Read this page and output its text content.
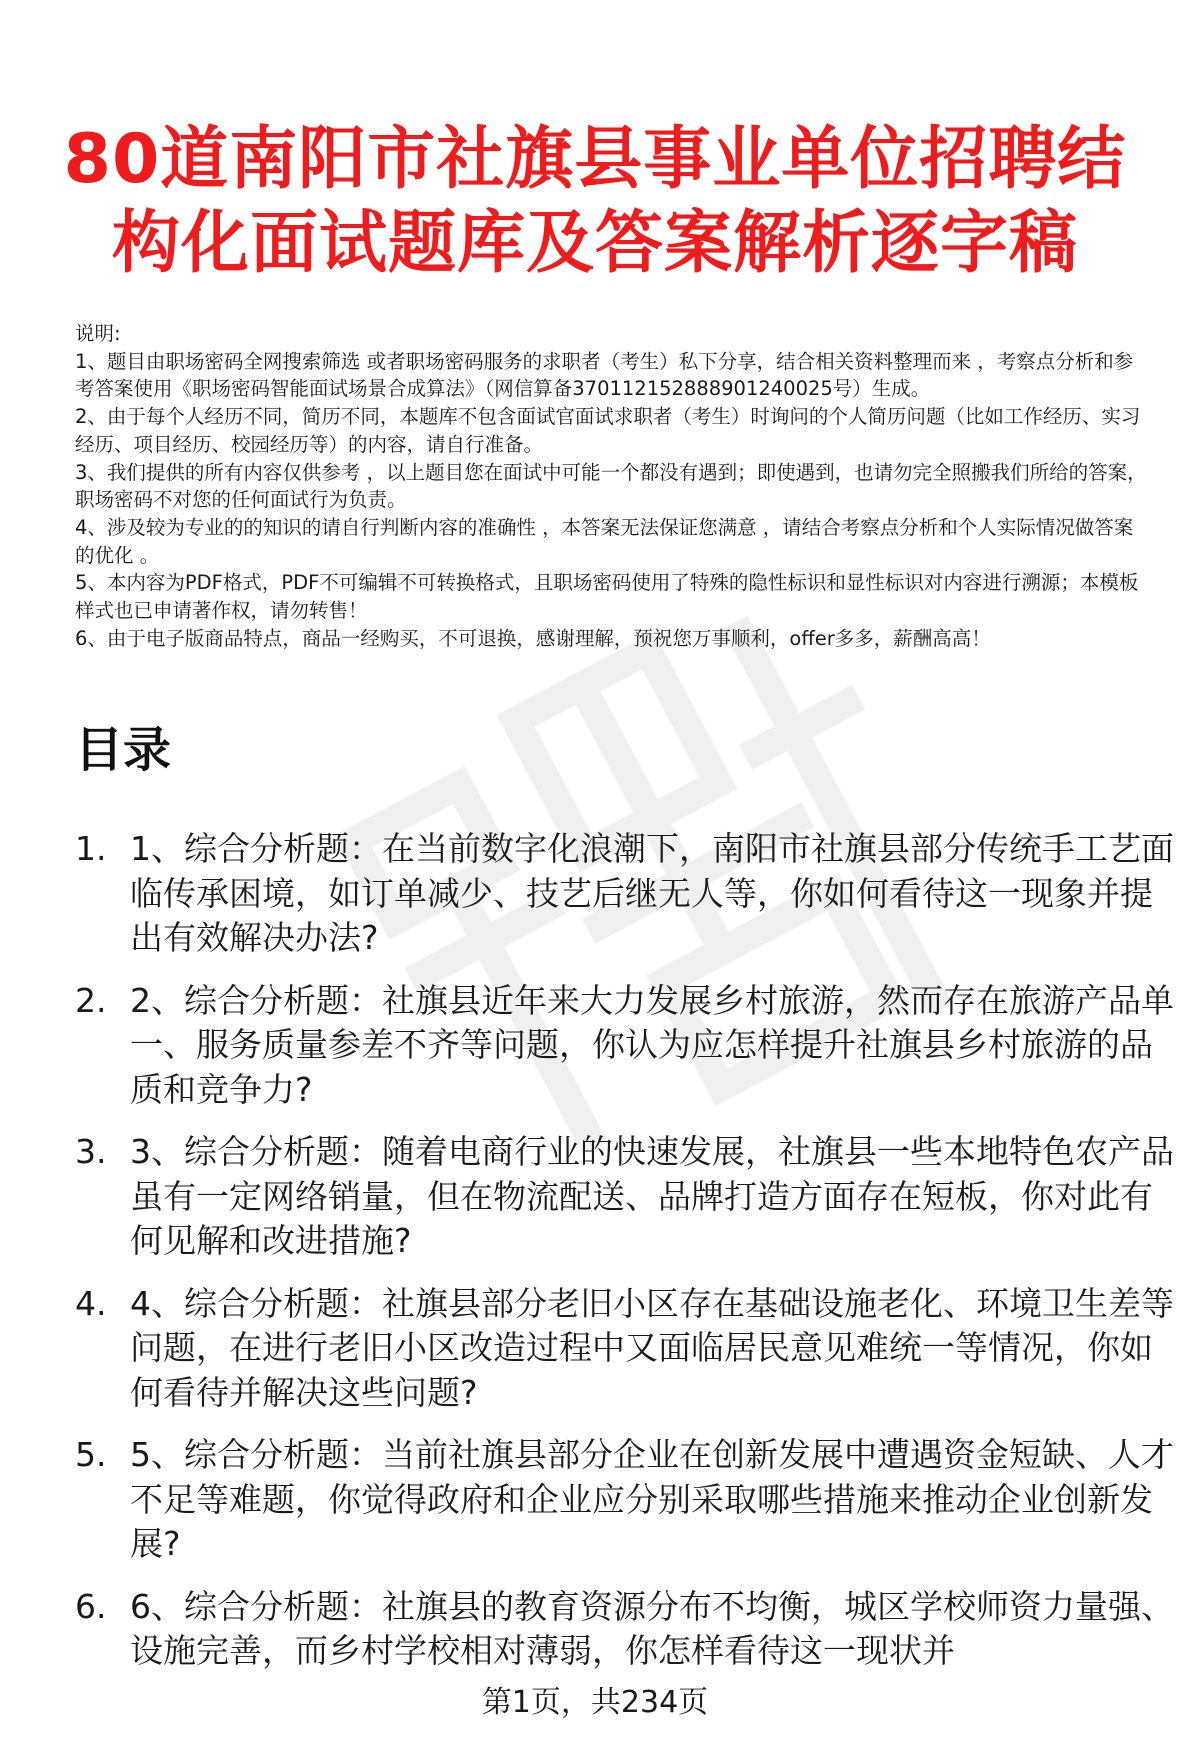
80道南阳市社旗县事业单位招聘结构化面试题库及答案解析逐字稿
说明:
1、题目由职场密码全网搜索筛选 或者职场密码服务的求职者（考生）私下分享，结合相关资料整理而来 ，考察点分析和参考答案使用《职场密码智能面试场景合成算法》（网信算备370112152888901240025号）生成。
2、由于每个人经历不同，简历不同，本题库不包含面试官面试求职者（考生）时询问的个人简历问题（比如工作经历、实习经历、项目经历、校园经历等）的内容，请自行准备。
3、我们提供的所有内容仅供参考 ，以上题目您在面试中可能一个都没有遇到；即使遇到，也请勿完全照搬我们所给的答案，职场密码不对您的任何面试行为负责。
4、涉及较为专业的的知识的请自行判断内容的准确性 ，本答案无法保证您满意 ，请结合考察点分析和个人实际情况做答案的优化 。
5、本内容为PDF格式，PDF不可编辑不可转换格式，且职场密码使用了特殊的隐性标识和显性标识对内容进行溯源；本模板样式也已申请著作权，请勿转售！
6、由于电子版商品特点，商品一经购买，不可退换，感谢理解，预祝您万事顺利，offer多多，薪酬高高！
目录
1. 1、综合分析题：在当前数字化浪潮下，南阳市社旗县部分传统手工艺面临传承困境，如订单减少、技艺后继无人等，你如何看待这一现象并提出有效解决办法?
2. 2、综合分析题：社旗县近年来大力发展乡村旅游，然而存在旅游产品单一、服务质量参差不齐等问题，你认为应怎样提升社旗县乡村旅游的品质和竞争力?
3. 3、综合分析题：随着电商行业的快速发展，社旗县一些本地特色农产品虽有一定网络销量，但在物流配送、品牌打造方面存在短板，你对此有何见解和改进措施?
4. 4、综合分析题：社旗县部分老旧小区存在基础设施老化、环境卫生差等问题，在进行老旧小区改造过程中又面临居民意见难统一等情况，你如何看待并解决这些问题?
5. 5、综合分析题：当前社旗县部分企业在创新发展中遭遇资金短缺、人才不足等难题，你觉得政府和企业应分别采取哪些措施来推动企业创新发展?
6. 6、综合分析题：社旗县的教育资源分布不均衡，城区学校师资力量强、设施完善，而乡村学校相对薄弱，你怎样看待这一现状并
第1页，共234页
